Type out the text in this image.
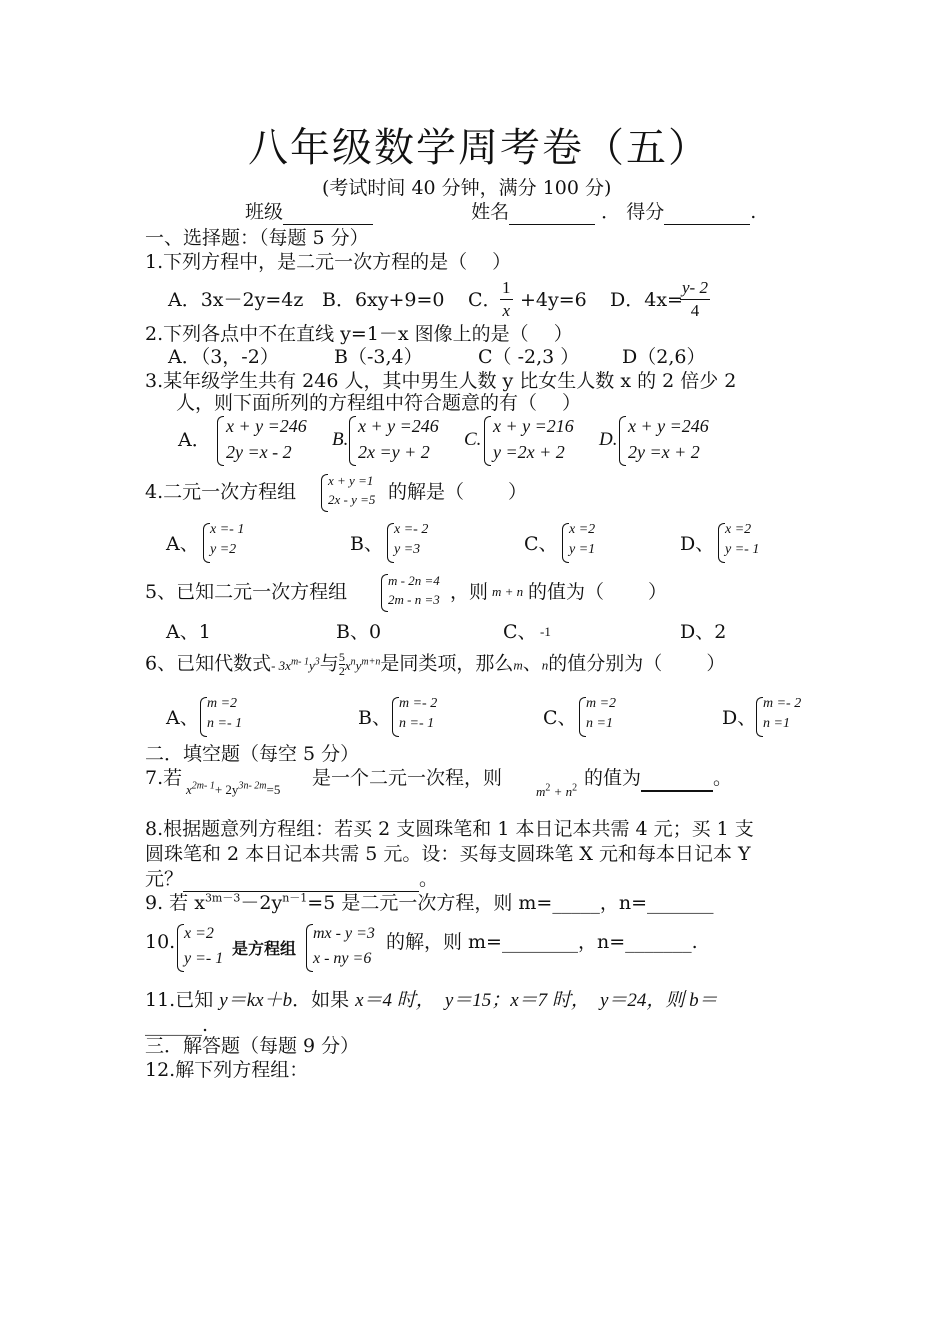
八年级数学周考卷（五）
(考试时间 40 分钟，满分 100 分)
班级	姓名	． 得分	.
一、选择题：（每题 5 分）
1.下列方程中，是二元一次方程的是（　 ）
A．3x－2y=4z B．6xy+9=0 C．
$\frac{1}{x} +4y=6$ D．4x=
$\frac{y- 2}{4}$
2.下列各点中不在直线 y=1－x 图像上的是（　 ）
A．（3，-2）	B（-3,4）	C（ -2,3 ） D（2,6）
3.某年级学生共有 246 人，其中男生人数 y 比女生人数 x 的 2 倍少 2
人，则下面所列的方程组中符合题意的有（　 ）
A．
x + y =246
2y =x - 2
B.
x + y =246
2x =y + 2
C.
x + y =216
y =2x + 2
D.
x + y =246
2y =x + 2
4.二元一次方程组
x + y =1
2x - y =5 的解是（　　 ）
A、
x =- 1
y =2	B、
x =- 2
y =3	C、
x =2
y =1	D、
x =2
y =- 1
5、已知二元一次方程组
m - 2n =4
2m - n =3 ，则 m + n 的值为（　　 ）
A、1	B、0	C、 -1	D、2
6、已知代数式- $3x^{m- 1}y^3$与 $\frac{5}{2} x^ny^{m+n}$是同类项，那么m、n的值分别为（　　 ）
A、
m =2
n =- 1	B、
m =- 2
n =- 1	C、
m =2
n =1	D、
m =- 2
n =1
二．填空题（每空 5 分）
7.若
$x^{2m- 1}+ 2y^{3n- 2m}=5$
是一个二元一次程，则
$m^2 + n^2$ 的值为	。
8.根据题意列方程组：若买 2 支圆珠笔和 1 本日记本共需 4 元；买 1 支
圆珠笔和 2 本日记本共需 5 元。设：买每支圆珠笔 X 元和每本日记本 Y
元？	。
9. 若 $x^{3m-3}-2y^{n-1}=5$ 是二元一次方程，则 m=_____，n=_______
10. x =2
y =- 1
是方程组
mx - y =3
x - ny =6
的解，则 m=________，n=_______.
11.已知 y＝kx＋b．如果 x＝4 时， y＝15；x＝7 时， y＝24，则 b＝
______.
三．解答题（每题 9 分）
12.解下列方程组：
